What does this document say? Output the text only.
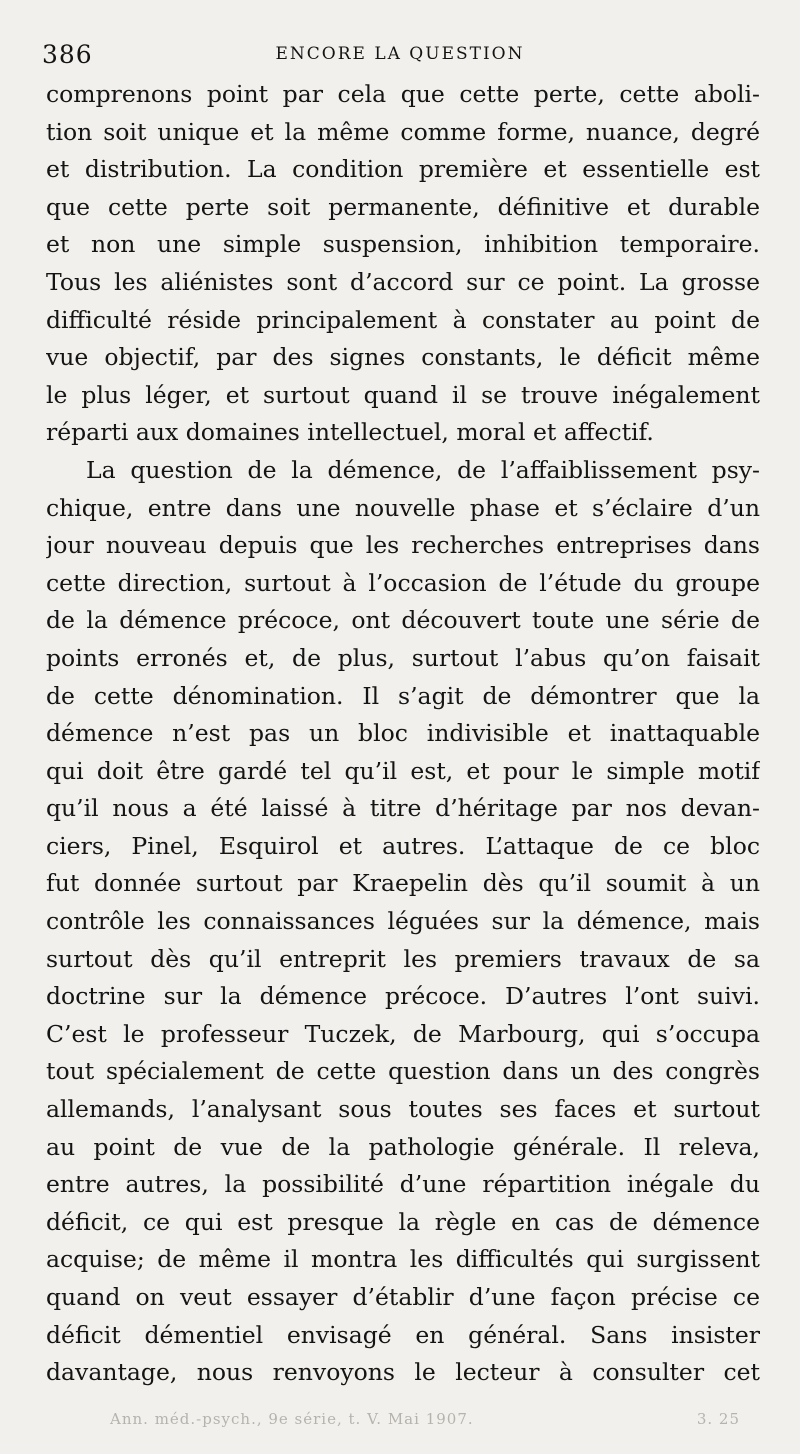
386	ENCORE LA QUESTION
comprenons point par cela que cette perte, cette aboli-
tion soit unique et la même comme forme, nuance, degré
et distribution. La condition première et essentielle est
que cette perte soit permanente, définitive et durable
et non une simple suspension, inhibition temporaire.
Tous les aliénistes sont d’accord sur ce point. La grosse
difficulté réside principalement à constater au point de
vue objectif, par des signes constants, le déficit même
le plus léger, et surtout quand il se trouve inégalement
réparti aux domaines intellectuel, moral et affectif.
La question de la démence, de l’affaiblissement psy-
chique, entre dans une nouvelle phase et s’éclaire d’un
jour nouveau depuis que les recherches entreprises dans
cette direction, surtout à l’occasion de l’étude du groupe
de la démence précoce, ont découvert toute une série de
points erronés et, de plus, surtout l’abus qu’on faisait
de cette dénomination. Il s’agit de démontrer que la
démence n’est pas un bloc indivisible et inattaquable
qui doit être gardé tel qu’il est, et pour le simple motif
qu’il nous a été laissé à titre d’héritage par nos devan-
ciers, Pinel, Esquirol et autres. L’attaque de ce bloc
fut donnée surtout par Kraepelin dès qu’il soumit à un
contrôle les connaissances léguées sur la démence, mais
surtout dès qu’il entreprit les premiers travaux de sa
doctrine sur la démence précoce. D’autres l’ont suivi.
C’est le professeur Tuczek, de Marbourg, qui s’occupa
tout spécialement de cette question dans un des congrès
allemands, l’analysant sous toutes ses faces et surtout
au point de vue de la pathologie générale. Il releva,
entre autres, la possibilité d’une répartition inégale du
déficit, ce qui est presque la règle en cas de démence
acquise; de même il montra les difficultés qui surgissent
quand on veut essayer d’établir d’une façon précise ce
déficit démentiel envisagé en général. Sans insister
davantage, nous renvoyons le lecteur à consulter cet
Ann. méd.-psych., 9e série, t. V. Mai 1907.	3. 25
